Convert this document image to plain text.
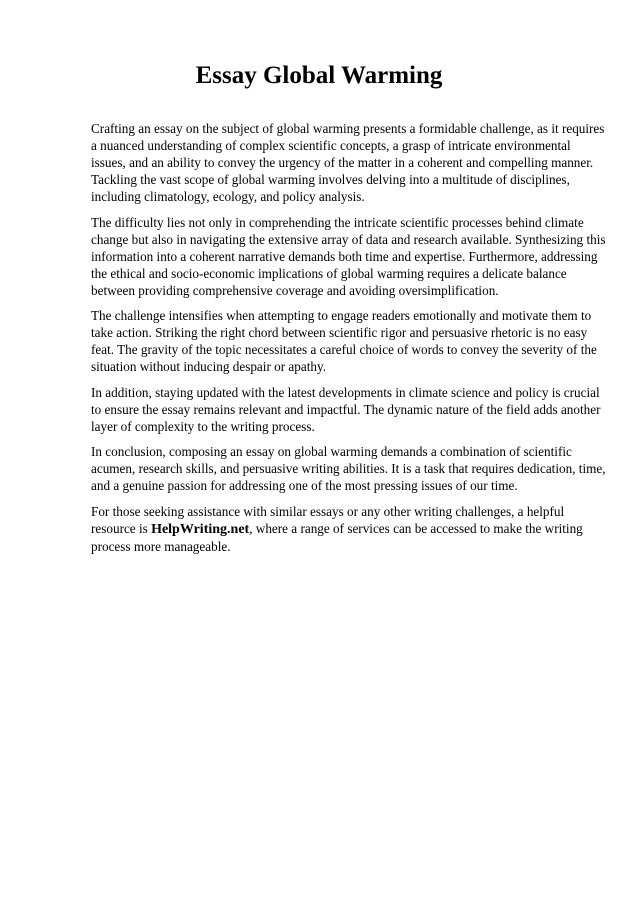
Essay Global Warming

Crafting an essay on the subject of global warming presents a formidable challenge, as it requires
a nuanced understanding of complex scientific concepts, a grasp of intricate environmental
issues, and an ability to convey the urgency of the matter in a coherent and compelling manner.
Tackling the vast scope of global warming involves delving into a multitude of disciplines,
including climatology, ecology, and policy analysis.

The difficulty lies not only in comprehending the intricate scientific processes behind climate
change but also in navigating the extensive array of data and research available. Synthesizing this
information into a coherent narrative demands both time and expertise. Furthermore, addressing
the ethical and socio-economic implications of global warming requires a delicate balance
between providing comprehensive coverage and avoiding oversimplification.

The challenge intensifies when attempting to engage readers emotionally and motivate them to
take action. Striking the right chord between scientific rigor and persuasive rhetoric is no easy
feat. The gravity of the topic necessitates a careful choice of words to convey the severity of the
situation without inducing despair or apathy.

In addition, staying updated with the latest developments in climate science and policy is crucial
to ensure the essay remains relevant and impactful. The dynamic nature of the field adds another
layer of complexity to the writing process.

In conclusion, composing an essay on global warming demands a combination of scientific
acumen, research skills, and persuasive writing abilities. It is a task that requires dedication, time,
and a genuine passion for addressing one of the most pressing issues of our time.

For those seeking assistance with similar essays or any other writing challenges, a helpful
resource is HelpWriting.net, where a range of services can be accessed to make the writing
process more manageable.
